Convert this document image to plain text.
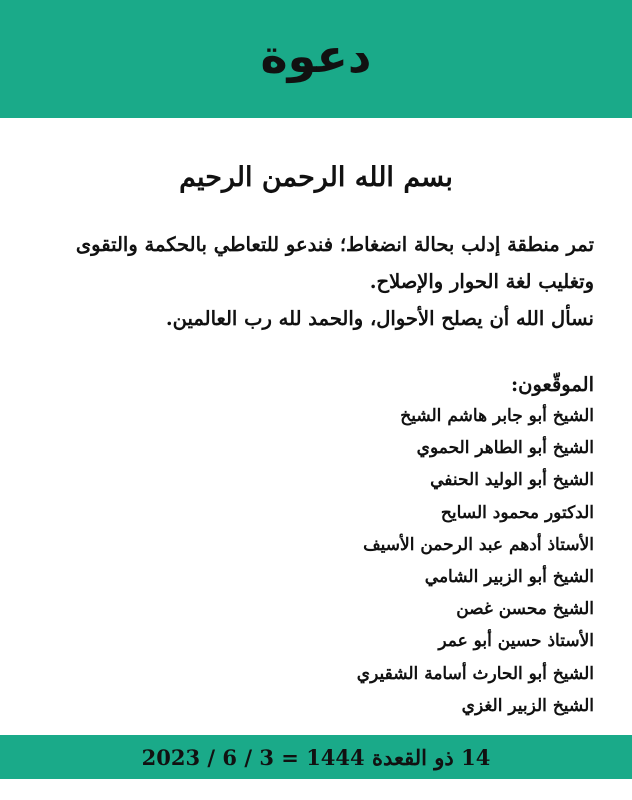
دعوة
بسم الله الرحمن الرحيم

تمر منطقة إدلب بحالة انضغاط؛ فندعو للتعاطي بالحكمة والتقوى

وتغليب لغة الحوار والإصلاح.

نسأل الله أن يصلح الأحوال، والحمد لله رب العالمين.

الموقّعون:
الشيخ أبو جابر هاشم الشيخ
الشيخ أبو الطاهر الحموي
الشيخ أبو الوليد الحنفي
الدكتور محمود السايح
الأستاذ أدهم عبد الرحمن الأسيف
الشيخ أبو الزبير الشامي
الشيخ محسن غصن
الأستاذ حسين أبو عمر
الشيخ أبو الحارث أسامة الشقيري
الشيخ الزبير الغزي
14 ذو القعدة 1444 = 3 / 6 / 2023
